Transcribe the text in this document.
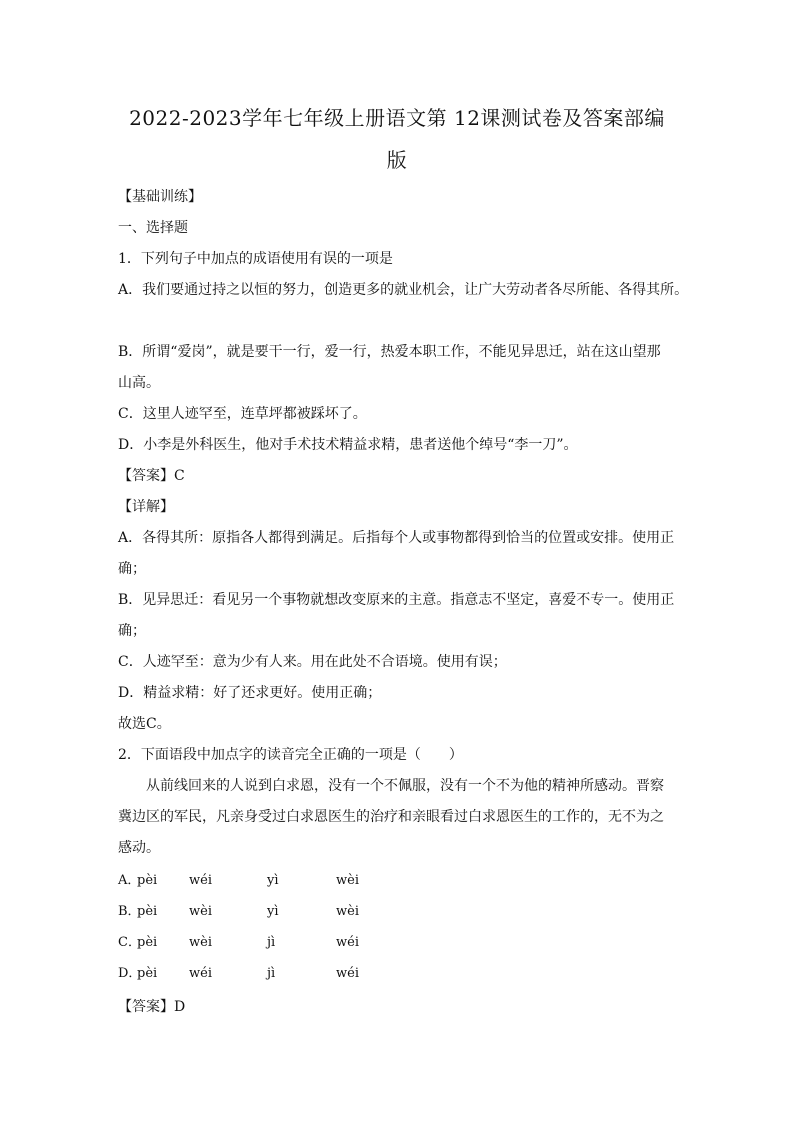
2022-2023学年七年级上册语文第 12课测试卷及答案部编
版
【基础训练】
一、选择题
1．下列句子中加点的成语使用有误的一项是
A．我们要通过持之以恒的努力，创造更多的就业机会，让广大劳动者各尽所能、各得其所。
B．所谓“爱岗”，就是要干一行，爱一行，热爱本职工作，不能见异思迁，站在这山望那
山高。
C．这里人迹罕至，连草坪都被踩坏了。
D．小李是外科医生，他对手术技术精益求精，患者送他个绰号“李一刀”。
【答案】C
【详解】
A．各得其所：原指各人都得到满足。后指每个人或事物都得到恰当的位置或安排。使用正
确；
B．见异思迁：看见另一个事物就想改变原来的主意。指意志不坚定，喜爱不专一。使用正
确；
C．人迹罕至：意为少有人来。用在此处不合语境。使用有误；
D．精益求精：好了还求更好。使用正确；
故选C。
2．下面语段中加点字的读音完全正确的一项是（　　）
从前线回来的人说到白求恩，没有一个不佩服，没有一个不为他的精神所感动。晋察
冀边区的军民，凡亲身受过白求恩医生的治疗和亲眼看过白求恩医生的工作的，无不为之
感动。
A．
pèi wéi	yì	wèi
B．
pèi wèi	yì	wèi
C．
pèi wèi	jì	wéi
D．
pèi wéi	jì	wéi
【答案】D
